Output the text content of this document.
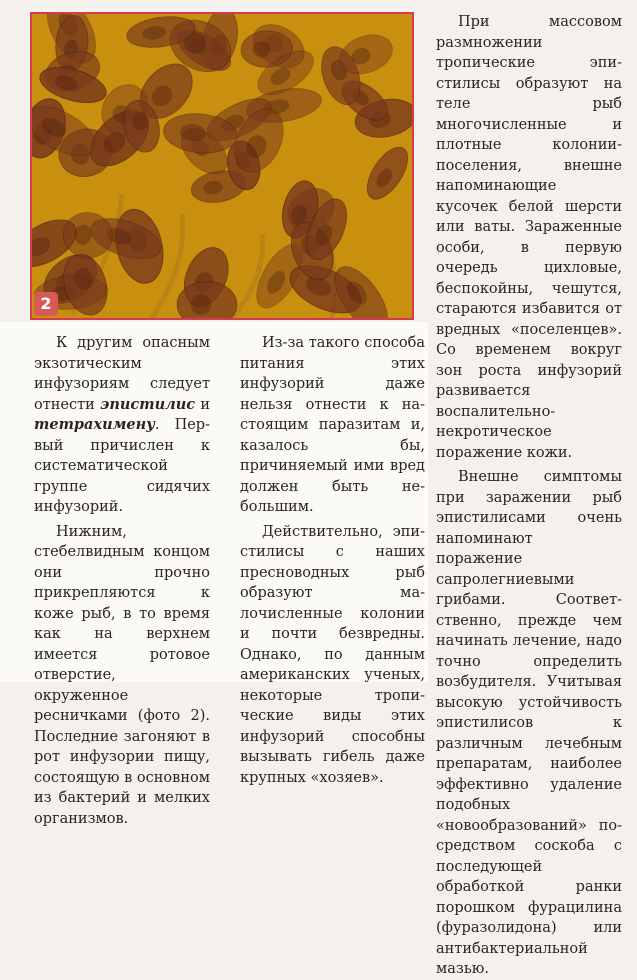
2

К другим опасным экзотическим инфузориям следует отнести эпистилис и тетрахимену. Первый причислен к систематической группе сидячих инфузорий.

Нижним, стебелвидным концом они прочно прикрепляются к коже рыб, в то время как на верхнем имеется ротовое отверстие, окруженное ресничками (фото 2). Последние загоняют в рот инфузории пищу, состоящую в основном из бактерий и мелких организмов.

Из-за такого способа питания этих инфузорий даже нельзя отнести к настоящим паразитам и, казалось бы, причиняемый ими вред должен быть небольшим.

Действительно, эпистилисы с наших пресноводных рыб образуют малочисленные колонии и почти безвредны. Однако, по данным американских ученых, некоторые тропические виды этих инфузорий способны вызывать гибель даже крупных «хозяев».

При массовом размножении тропические эпистилисы образуют на теле рыб многочисленные и плотные колонии-поселения, внешне напоминающие кусочек белой шерсти или ваты. Зараженные особи, в первую очередь цихловые, беспокойны, чешутся, стараются избавится от вредных «поселенцев». Со временем вокруг зон роста инфузорий развивается воспалительно-некротическое поражение кожи.

Внешне симптомы при заражении рыб эпистилисами очень напоминают поражение сапролегниевыми грибами. Соответственно, прежде чем начинать лечение, надо точно определить возбудителя. Учитывая высокую устойчивость эпистилисов к различным лечебным препаратам, наиболее эффективно удаление подобных «новообразований» посредством соскоба с последующей обработкой ранки порошком фурацилина (фуразолидона) или антибактериальной мазью.
